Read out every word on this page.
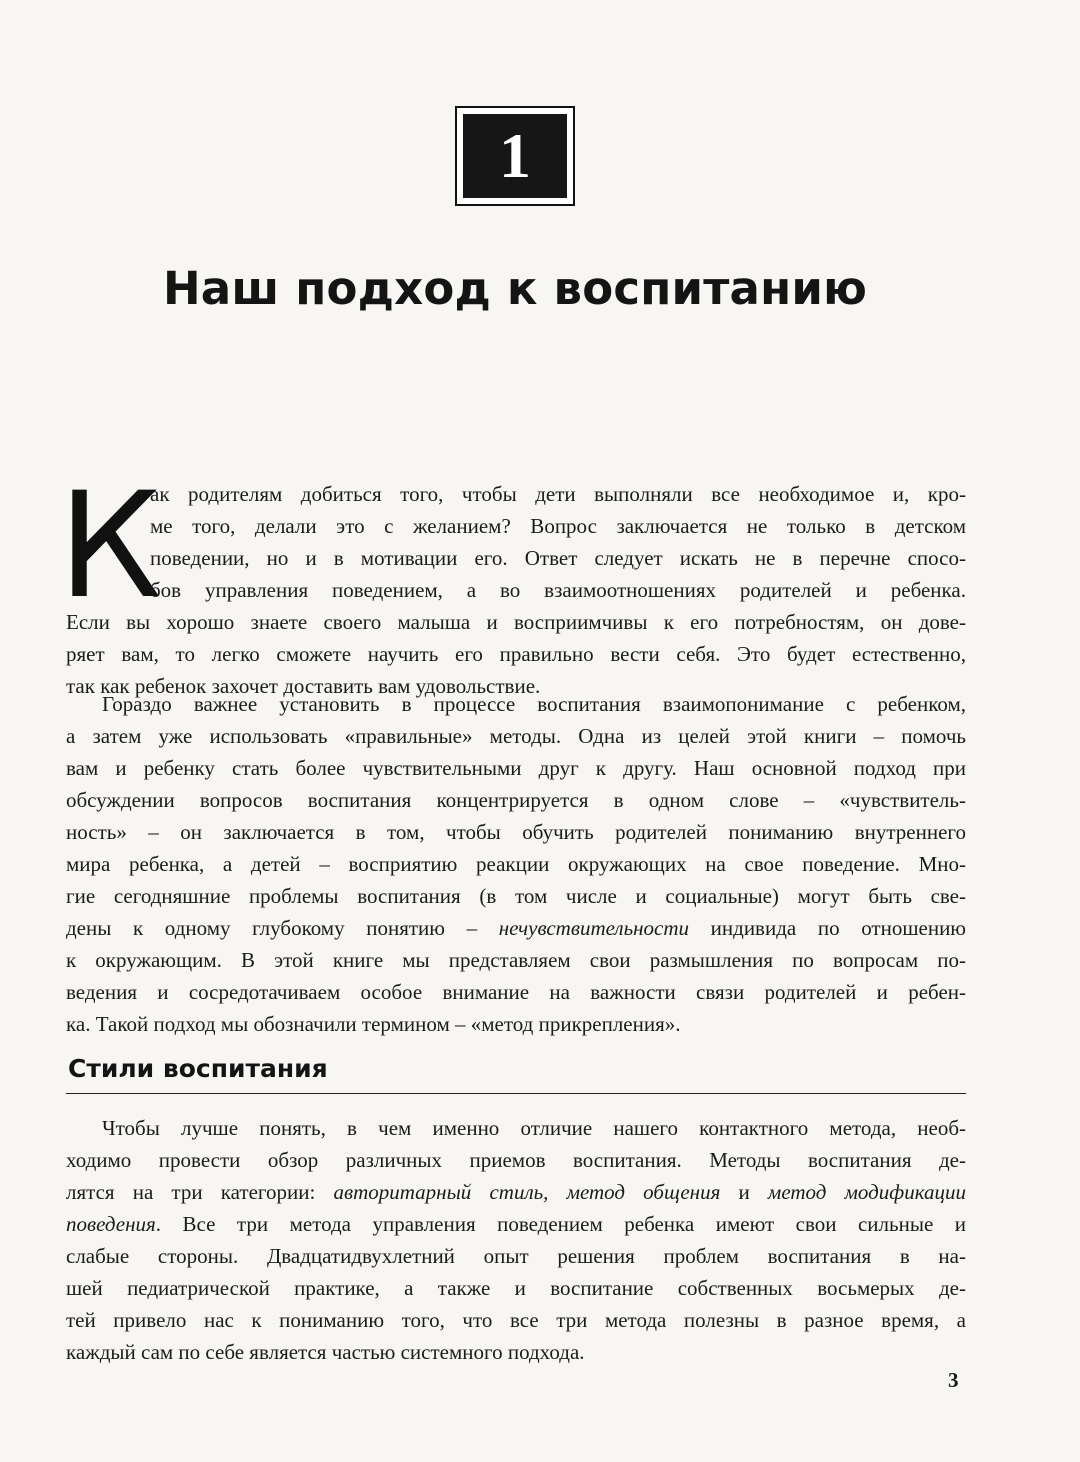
1
Наш подход к воспитанию
К
ак родителям добиться того, чтобы дети выполняли все необходимое и, кро-
ме того, делали это с желанием? Вопрос заключается не только в детском
поведении, но и в мотивации его. Ответ следует искать не в перечне спосо-
бов управления поведением, а во взаимоотношениях родителей и ребенка.
Если вы хорошо знаете своего малыша и восприимчивы к его потребностям, он дове-
ряет вам, то легко сможете научить его правильно вести себя. Это будет естественно,
так как ребенок захочет доставить вам удовольствие.
Гораздо важнее установить в процессе воспитания взаимопонимание с ребенком,
а затем уже использовать «правильные» методы. Одна из целей этой книги – помочь
вам и ребенку стать более чувствительными друг к другу. Наш основной подход при
обсуждении вопросов воспитания концентрируется в одном слове – «чувствитель-
ность» – он заключается в том, чтобы обучить родителей пониманию внутреннего
мира ребенка, а детей – восприятию реакции окружающих на свое поведение. Мно-
гие сегодняшние проблемы воспитания (в том числе и социальные) могут быть све-
дены к одному глубокому понятию – нечувствительности индивида по отношению
к окружающим. В этой книге мы представляем свои размышления по вопросам по-
ведения и сосредотачиваем особое внимание на важности связи родителей и ребен-
ка. Такой подход мы обозначили термином – «метод прикрепления».
Стили воспитания
Чтобы лучше понять, в чем именно отличие нашего контактного метода, необ-
ходимо провести обзор различных приемов воспитания. Методы воспитания де-
лятся на три категории: авторитарный стиль, метод общения и метод модификации
поведения. Все три метода управления поведением ребенка имеют свои сильные и
слабые стороны. Двадцатидвухлетний опыт решения проблем воспитания в на-
шей педиатрической практике, а также и воспитание собственных восьмерых де-
тей привело нас к пониманию того, что все три метода полезны в разное время, а
каждый сам по себе является частью системного подхода.
3
